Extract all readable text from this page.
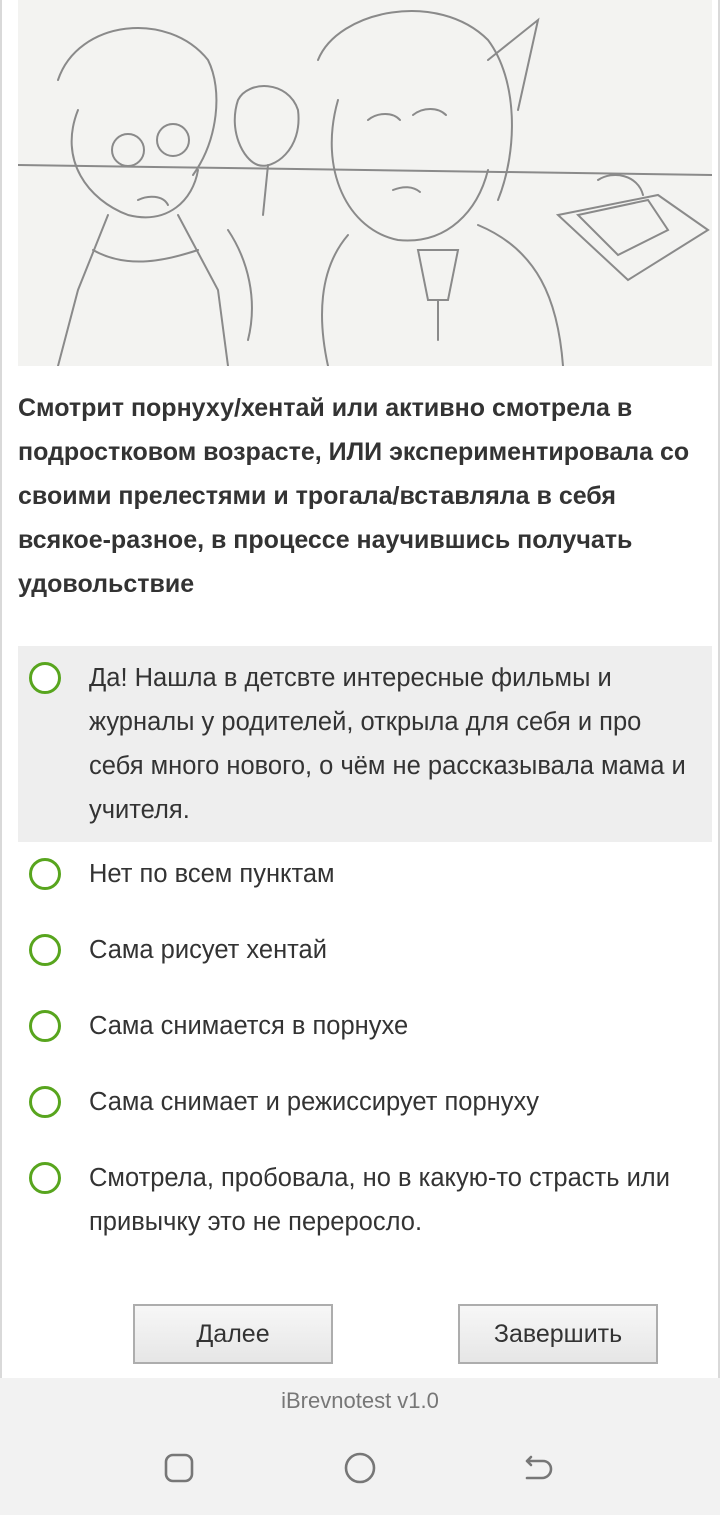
Смотрит порнуху/хентай или активно смотрела в подростковом возрасте, ИЛИ экспериментировала со своими прелестями и трогала/вставляла в себя всякое-разное, в процессе научившись получать удовольствие
Да! Нашла в детсвте интересные фильмы и журналы у родителей, открыла для себя и про себя много нового, о чём не рассказывала мама и учителя.
Нет по всем пунктам
Сама рисует хентай
Сама снимается в порнухе
Сама снимает и режиссирует порнуху
Смотрела, пробовала, но в какую-то страсть или привычку это не переросло.
Далее	Завершить
iBrevnotest v1.0
